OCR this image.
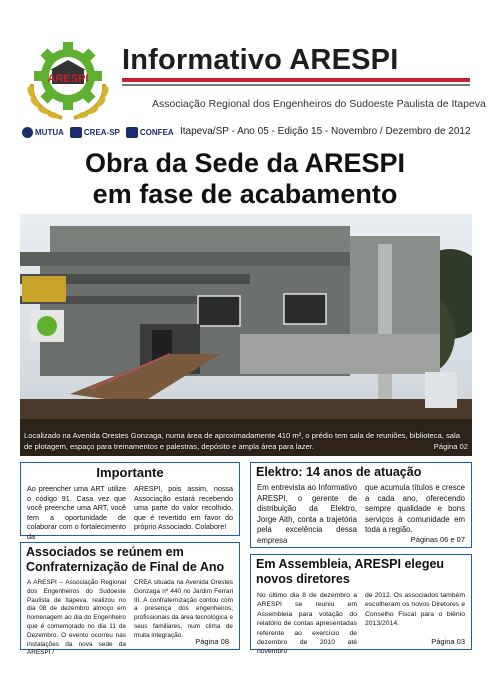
ARESPI
Informativo ARESPI
Associação Regional dos Engenheiros do Sudoeste Paulista de Itapeva
MUTUA	CREA-SP	CONFEA Itapeva/SP - Ano 05 - Edição 15 - Novembro / Dezembro de 2012
Obra da Sede da ARESPI
em fase de acabamento
Localizado na Avenida Orestes Gonzaga, numa área de aproximadamente 410 m², o prédio tem sala de reuniões, biblioteca, sala de plotagem, espaço para treinamentos e palestras, depósito e ampla área para lazer.	Página 02
Importante
Ao preencher uma ART utilize o código 91. Casa vez que você preenche uma ART, você tem a oportunidade de colaborar com o fortalecimento da
ARESPI, pois assim, nossa Associação estará recebendo uma parte do valor recolhido, que é revertido em favor do próprio Associado. Colabore!
Elektro: 14 anos de atuação
Em entrevista ao Informativo ARESPI, o gerente de distribuição da Elektro, Jorge Aith, conta a trajetória pela excelência dessa empresa
que acumula títulos e cresce a cada ano, oferecendo sempre qualidade e bons serviços à comunidade em toda a região.
Páginas 06 e 07
Associados se reúnem em
Confraternização de Final de Ano
A ARESPI – Associação Regional dos Engenheiros do Sudoeste Paulista de Itapeva, realizou no dia 08 de dezembro almoço em homenagem ao dia do Engenheiro que é comemorado no dia 11 de Dezembro. O evento ocorreu nas instalações da nova sede da ARESPI /
CREA situada na Avenida Orestes Gonzaga nº 440 no Jardim Ferrari III. A confraternização contou com a presença dos engenheiros, profissionais da área tecnológica e seus familiares, num clima de muita integração.
Página 08
Em Assembleia, ARESPI elegeu
novos diretores
No último dia 8 de dezembro a ARESPI se reuniu em Assembleia para votação do relatório de contas apresentadas referente ao exercício de dezembro de 2010 até novembro
de 2012. Os associados também escolheram os novos Diretores e Conselho Fiscal para o biênio 2013/2014.
Página 03
